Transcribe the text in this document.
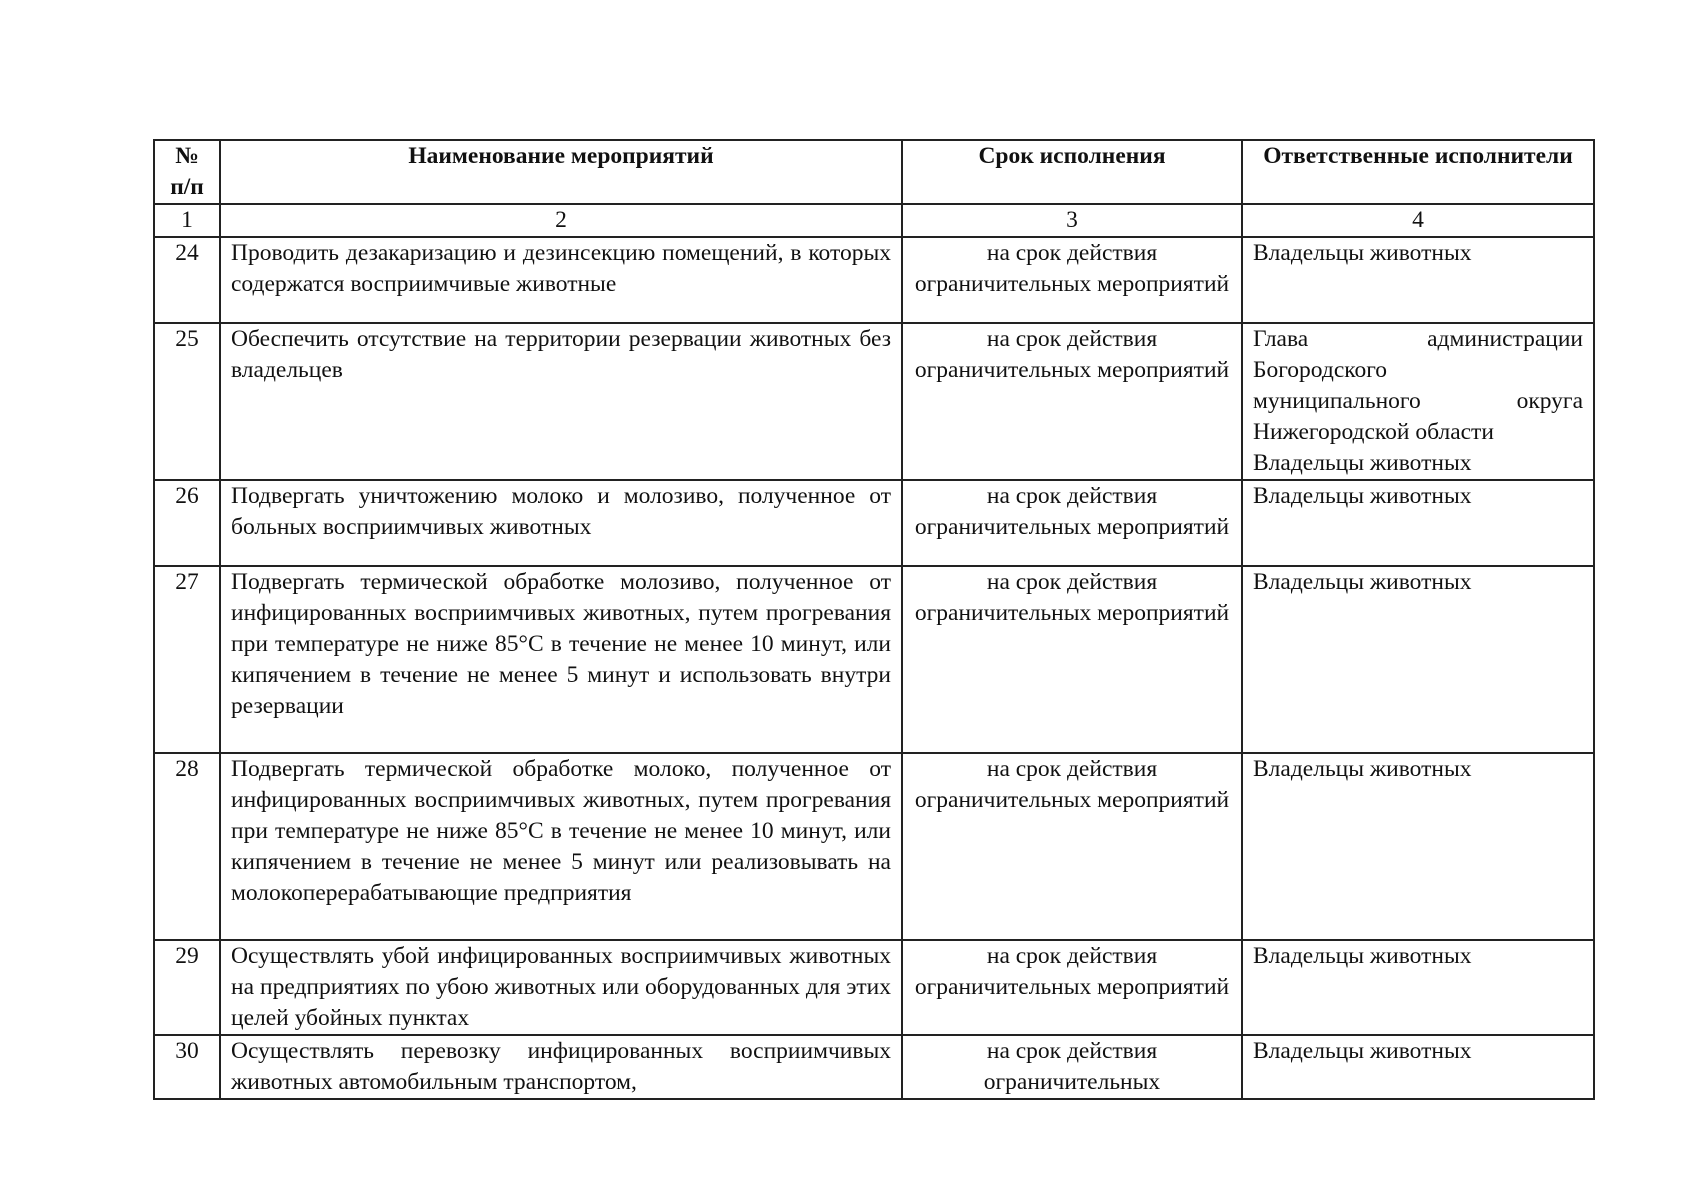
№ п/п	Наименование мероприятий	Срок исполнения	Ответственные исполнители
1	2	3	4
24	Проводить дезакаризацию и дезинсекцию помещений, в которых содержатся восприимчивые животные	на срок действия ограничительных мероприятий	Владельцы животных
25	Обеспечить отсутствие на территории резервации животных без владельцев	на срок действия ограничительных мероприятий	Глава администрации
Богородского
муниципального округа
Нижегородской области
Владельцы животных

26	Подвергать уничтожению молоко и молозиво, полученное от больных восприимчивых животных	на срок действия ограничительных мероприятий	Владельцы животных
27	Подвергать термической обработке молозиво, полученное от инфицированных восприимчивых животных, путем прогревания при температуре не ниже 85°С в течение не менее 10 минут, или кипячением в течение не менее 5 минут и использовать внутри резервации	на срок действия ограничительных мероприятий	Владельцы животных
28	Подвергать термической обработке молоко, полученное от инфицированных восприимчивых животных, путем прогревания при температуре не ниже 85°С в течение не менее 10 минут, или кипячением в течение не менее 5 минут или реализовывать на молокоперерабатывающие предприятия	на срок действия ограничительных мероприятий	Владельцы животных
29	Осуществлять убой инфицированных восприимчивых животных на предприятиях по убою животных или оборудованных для этих целей убойных пунктах	на срок действия ограничительных мероприятий	Владельцы животных
30	Осуществлять перевозку инфицированных восприимчивых животных автомобильным транспортом,	на срок действия ограничительных	Владельцы животных
